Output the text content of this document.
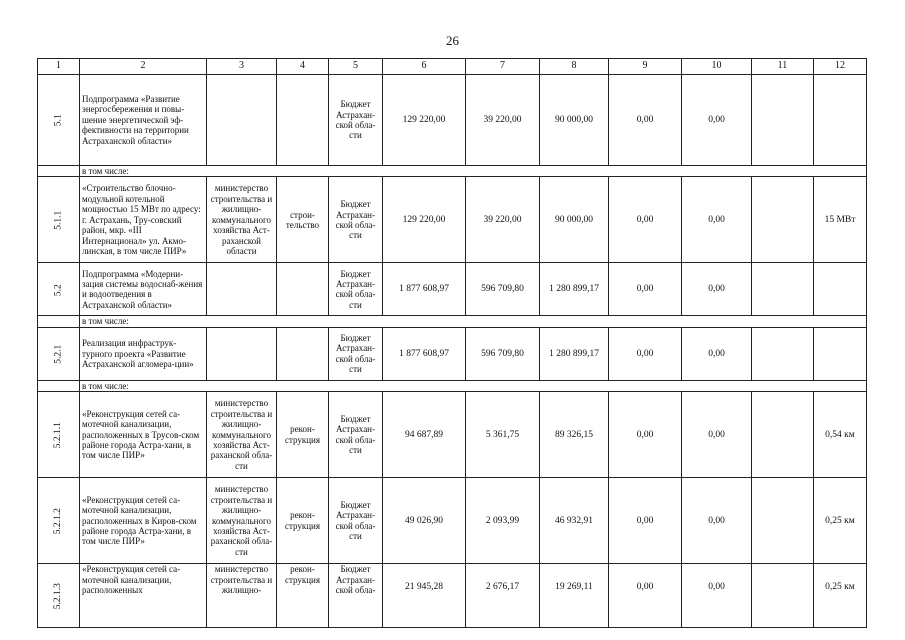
26
1	2	3	4	5	6	7	8	9	10	11	12
5.1	Подпрограмма «Развитие энергосбережения и повы-шение энергетической эф-фективности на территории Астраханской области»			Бюджет Астрахан-ской обла-сти	129 220,00	39 220,00	90 000,00	0,00	0,00		
	в том числе:										
5.1.1	«Строительство блочно-модульной котельной мощностью 15 МВт по адресу: г. Астрахань, Тру-совский район, мкр. «III Интернационал» ул. Акмо-линская, в том числе ПИР»	министерство строительства и жилищно-коммунального хозяйства Аст-раханской области	строи-тельство	Бюджет Астрахан-ской обла-сти	129 220,00	39 220,00	90 000,00	0,00	0,00		15 МВт
5.2	Подпрограмма «Модерни-зация системы водоснаб-жения и водоотведения в Астраханской области»			Бюджет Астрахан-ской обла-сти	1 877 608,97	596 709,80	1 280 899,17	0,00	0,00		
	в том числе:										
5.2.1	Реализация инфраструк-турного проекта «Развитие Астраханской агломера-ции»			Бюджет Астрахан-ской обла-сти	1 877 608,97	596 709,80	1 280 899,17	0,00	0,00		
	в том числе:										
5.2.1.1	«Реконструкция сетей са-мотечной канализации, расположенных в Трусов-ском районе города Астра-хани, в том числе ПИР»	министерство строительства и жилищно-коммунального хозяйства Аст-раханской обла-сти	рекон-струкция	Бюджет Астрахан-ской обла-сти	94 687,89	5 361,75	89 326,15	0,00	0,00		0,54 км
5.2.1.2	«Реконструкция сетей са-мотечной канализации, расположенных в Киров-ском районе города Астра-хани, в том числе ПИР»	министерство строительства и жилищно-коммунального хозяйства Аст-раханской обла-сти	рекон-струкция	Бюджет Астрахан-ской обла-сти	49 026,90	2 093,99	46 932,91	0,00	0,00		0,25 км
5.2.1.3	«Реконструкция сетей са-мотечной канализации, расположенных	министерство строительства и жилищно-	рекон-струкция	Бюджет Астрахан-ской обла-	21 945,28	2 676,17	19 269,11	0,00	0,00		0,25 км
